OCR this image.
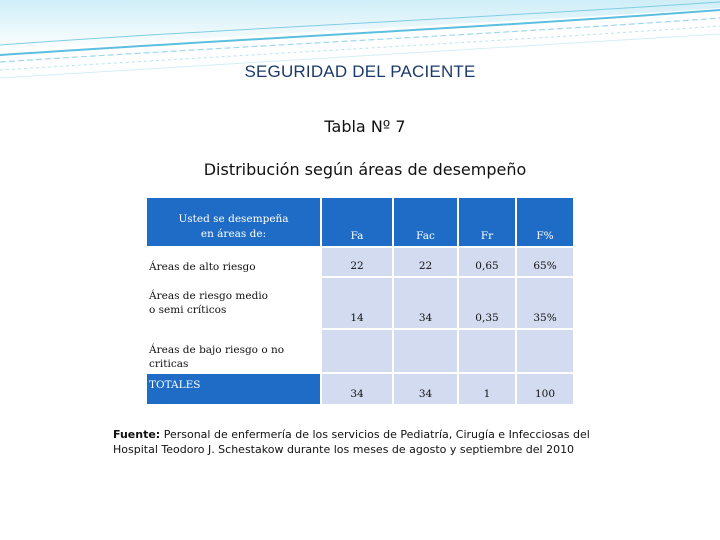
SEGURIDAD DEL PACIENTE
Tabla Nº 7
Distribución según áreas de desempeño
Usted se desempeña
en áreas de:	Fa	Fac	Fr	F%

Áreas de alto riesgo	22	22	0,65	65%

Áreas de riesgo medio
o semi críticos	14	34	0,35	35%

Áreas de bajo riesgo o no
criticas				

TOTALES	34	34	1	100
Fuente: Personal de enfermería de los servicios de Pediatría, Cirugía e Infecciosas del Hospital Teodoro J. Schestakow durante los meses de agosto y septiembre del 2010
